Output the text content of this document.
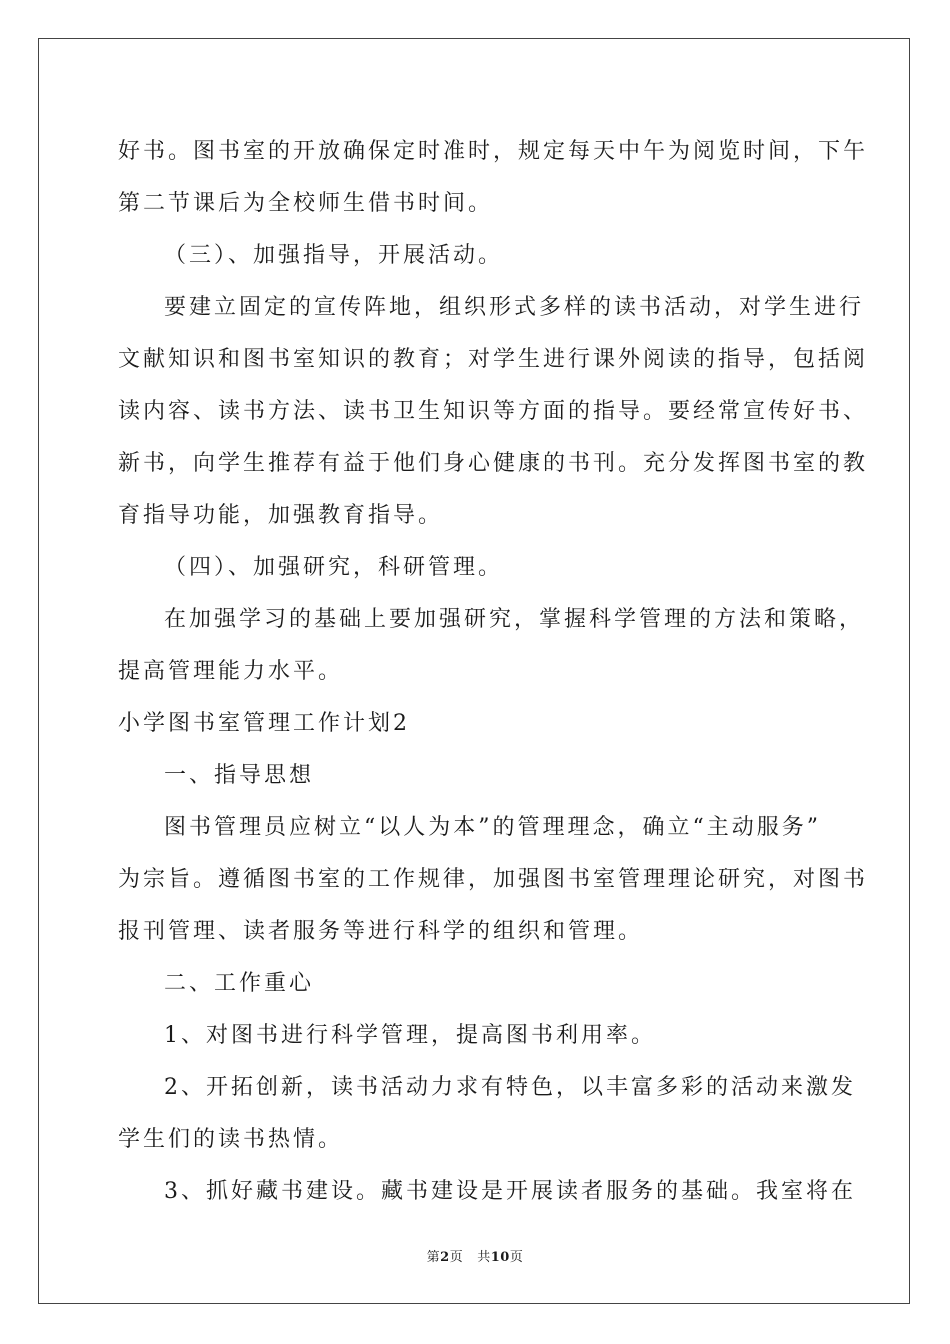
好书。图书室的开放确保定时准时，规定每天中午为阅览时间，下午
第二节课后为全校师生借书时间。
（三）、加强指导，开展活动。
要建立固定的宣传阵地，组织形式多样的读书活动，对学生进行
文献知识和图书室知识的教育；对学生进行课外阅读的指导，包括阅
读内容、读书方法、读书卫生知识等方面的指导。要经常宣传好书、
新书，向学生推荐有益于他们身心健康的书刊。充分发挥图书室的教
育指导功能，加强教育指导。
（四）、加强研究，科研管理。
在加强学习的基础上要加强研究，掌握科学管理的方法和策略，
提高管理能力水平。
小学图书室管理工作计划2
一、指导思想
图书管理员应树立“以人为本”的管理理念，确立“主动服务”
为宗旨。遵循图书室的工作规律，加强图书室管理理论研究，对图书
报刊管理、读者服务等进行科学的组织和管理。
二、工作重心
1、对图书进行科学管理，提高图书利用率。
2、开拓创新，读书活动力求有特色，以丰富多彩的活动来激发
学生们的读书热情。
3、抓好藏书建设。藏书建设是开展读者服务的基础。我室将在
第2页 共10页
